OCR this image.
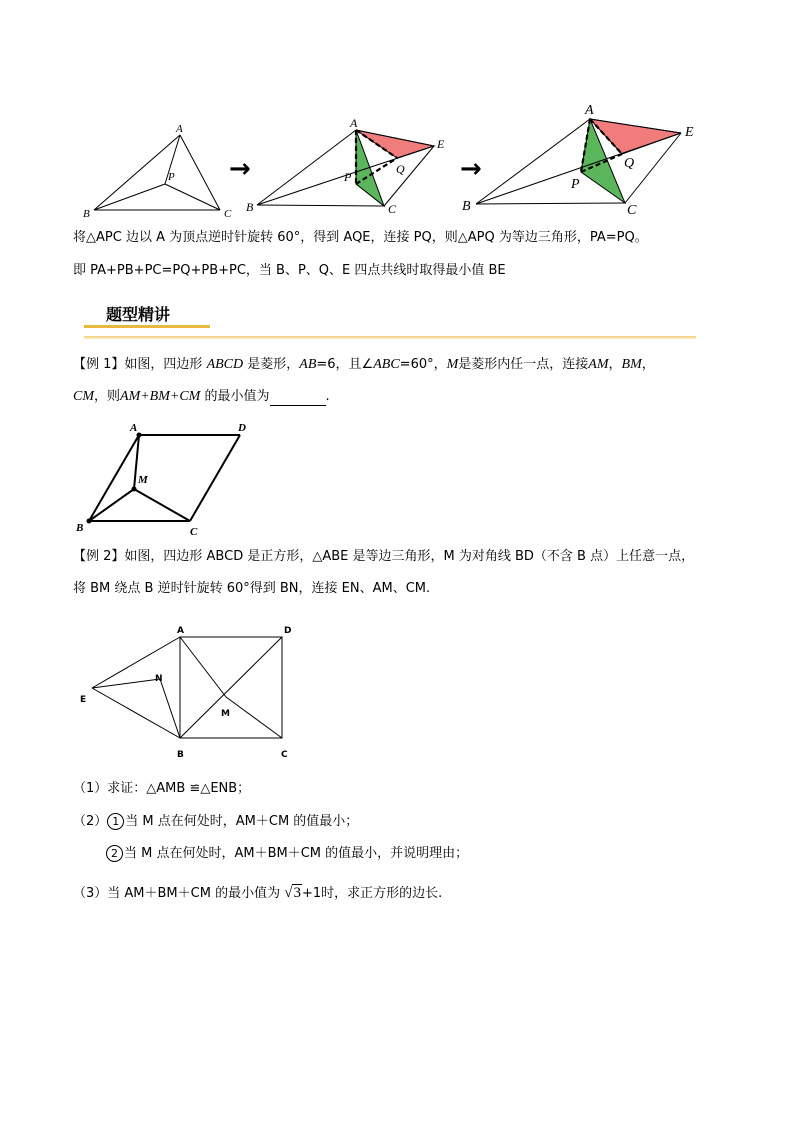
A
B	C
P →
A
E
Q
P
B	C
→
A
E
Q
P
B	C
将△APC 边以 A 为顶点逆时针旋转 60°，得到 AQE，连接 PQ，则△APQ 为等边三角形，PA=PQ。
即 PA+PB+PC=PQ+PB+PC，当 B、P、Q、E 四点共线时取得最小值 BE
题型精讲
【例 1】如图，四边形 ABCD 是菱形，AB=6，且∠ABC=60°，M是菱形内任一点，连接AM，BM，
CM，则AM+BM+CM 的最小值为	.
A	D
M
B	C
【例 2】如图，四边形 ABCD 是正方形，△ABE 是等边三角形，M 为对角线 BD（不含 B 点）上任意一点，
将 BM 绕点 B 逆时针旋转 60°得到 BN，连接 EN、AM、CM.
A	D
E
N
M
B	C
（1）求证：△AMB ≌△ENB；
（2） 1 当 M 点在何处时，AM＋CM 的值最小；
2 当 M 点在何处时，AM＋BM＋CM 的值最小，并说明理由；
（3）当 AM＋BM＋CM 的最小值为 √3+1时，求正方形的边长.
